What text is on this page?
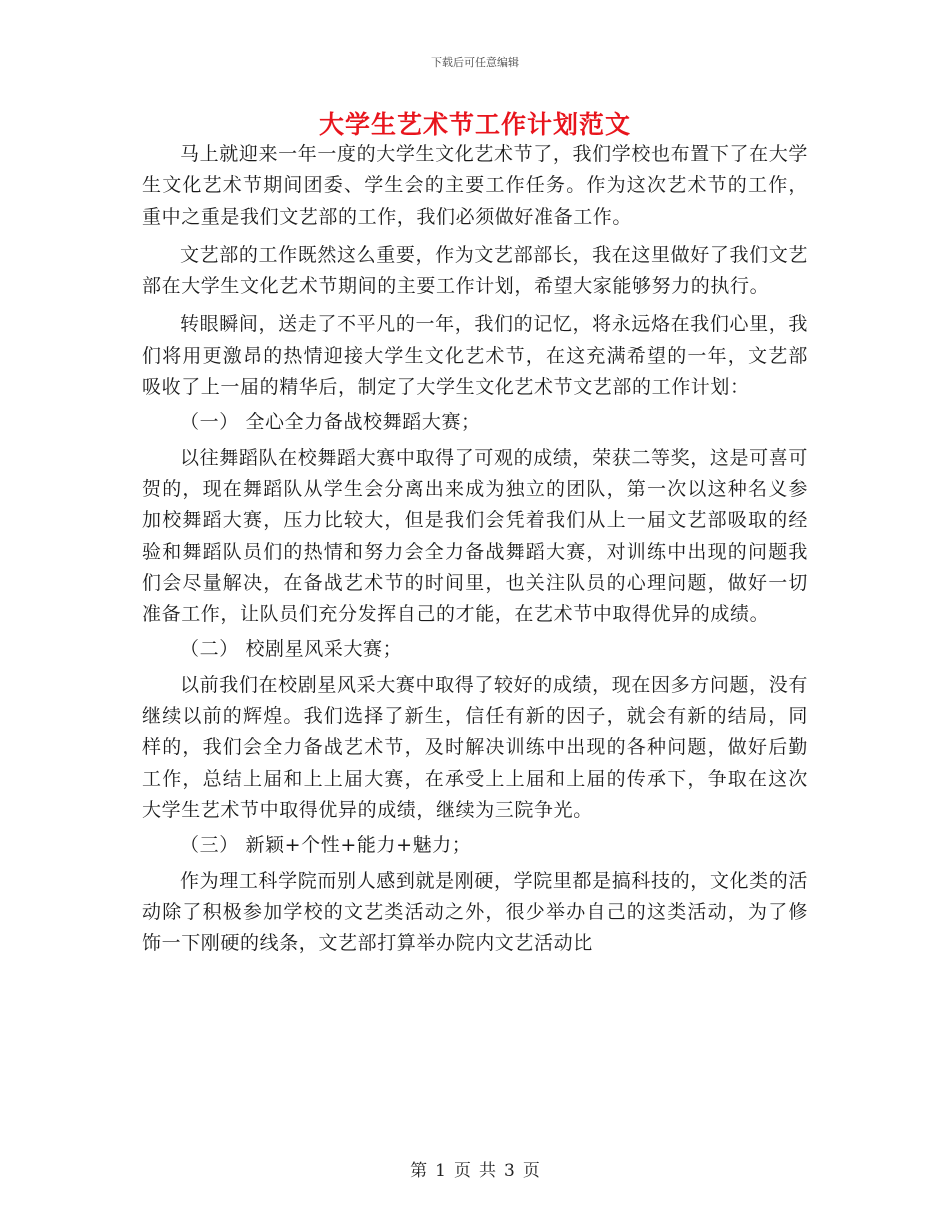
下载后可任意编辑
大学生艺术节工作计划范文

马上就迎来一年一度的大学生文化艺术节了，我们学校也布置下了在大学生文化艺术节期间团委、学生会的主要工作任务。作为这次艺术节的工作，重中之重是我们文艺部的工作，我们必须做好准备工作。

文艺部的工作既然这么重要，作为文艺部部长，我在这里做好了我们文艺部在大学生文化艺术节期间的主要工作计划，希望大家能够努力的执行。

转眼瞬间，送走了不平凡的一年，我们的记忆，将永远烙在我们心里，我们将用更激昂的热情迎接大学生文化艺术节，在这充满希望的一年，文艺部吸收了上一届的精华后，制定了大学生文化艺术节文艺部的工作计划：

（一） 全心全力备战校舞蹈大赛；

以往舞蹈队在校舞蹈大赛中取得了可观的成绩，荣获二等奖，这是可喜可贺的，现在舞蹈队从学生会分离出来成为独立的团队，第一次以这种名义参加校舞蹈大赛，压力比较大，但是我们会凭着我们从上一届文艺部吸取的经验和舞蹈队员们的热情和努力会全力备战舞蹈大赛，对训练中出现的问题我们会尽量解决，在备战艺术节的时间里，也关注队员的心理问题，做好一切准备工作，让队员们充分发挥自己的才能，在艺术节中取得优异的成绩。

（二） 校剧星风采大赛；

以前我们在校剧星风采大赛中取得了较好的成绩，现在因多方问题，没有继续以前的辉煌。我们选择了新生，信任有新的因子，就会有新的结局，同样的，我们会全力备战艺术节，及时解决训练中出现的各种问题，做好后勤工作，总结上届和上上届大赛，在承受上上届和上届的传承下，争取在这次大学生艺术节中取得优异的成绩，继续为三院争光。

（三） 新颖+个性+能力+魅力；

作为理工科学院而别人感到就是刚硬，学院里都是搞科技的，文化类的活动除了积极参加学校的文艺类活动之外，很少举办自己的这类活动，为了修饰一下刚硬的线条，文艺部打算举办院内文艺活动比

第 1 页 共 3 页
